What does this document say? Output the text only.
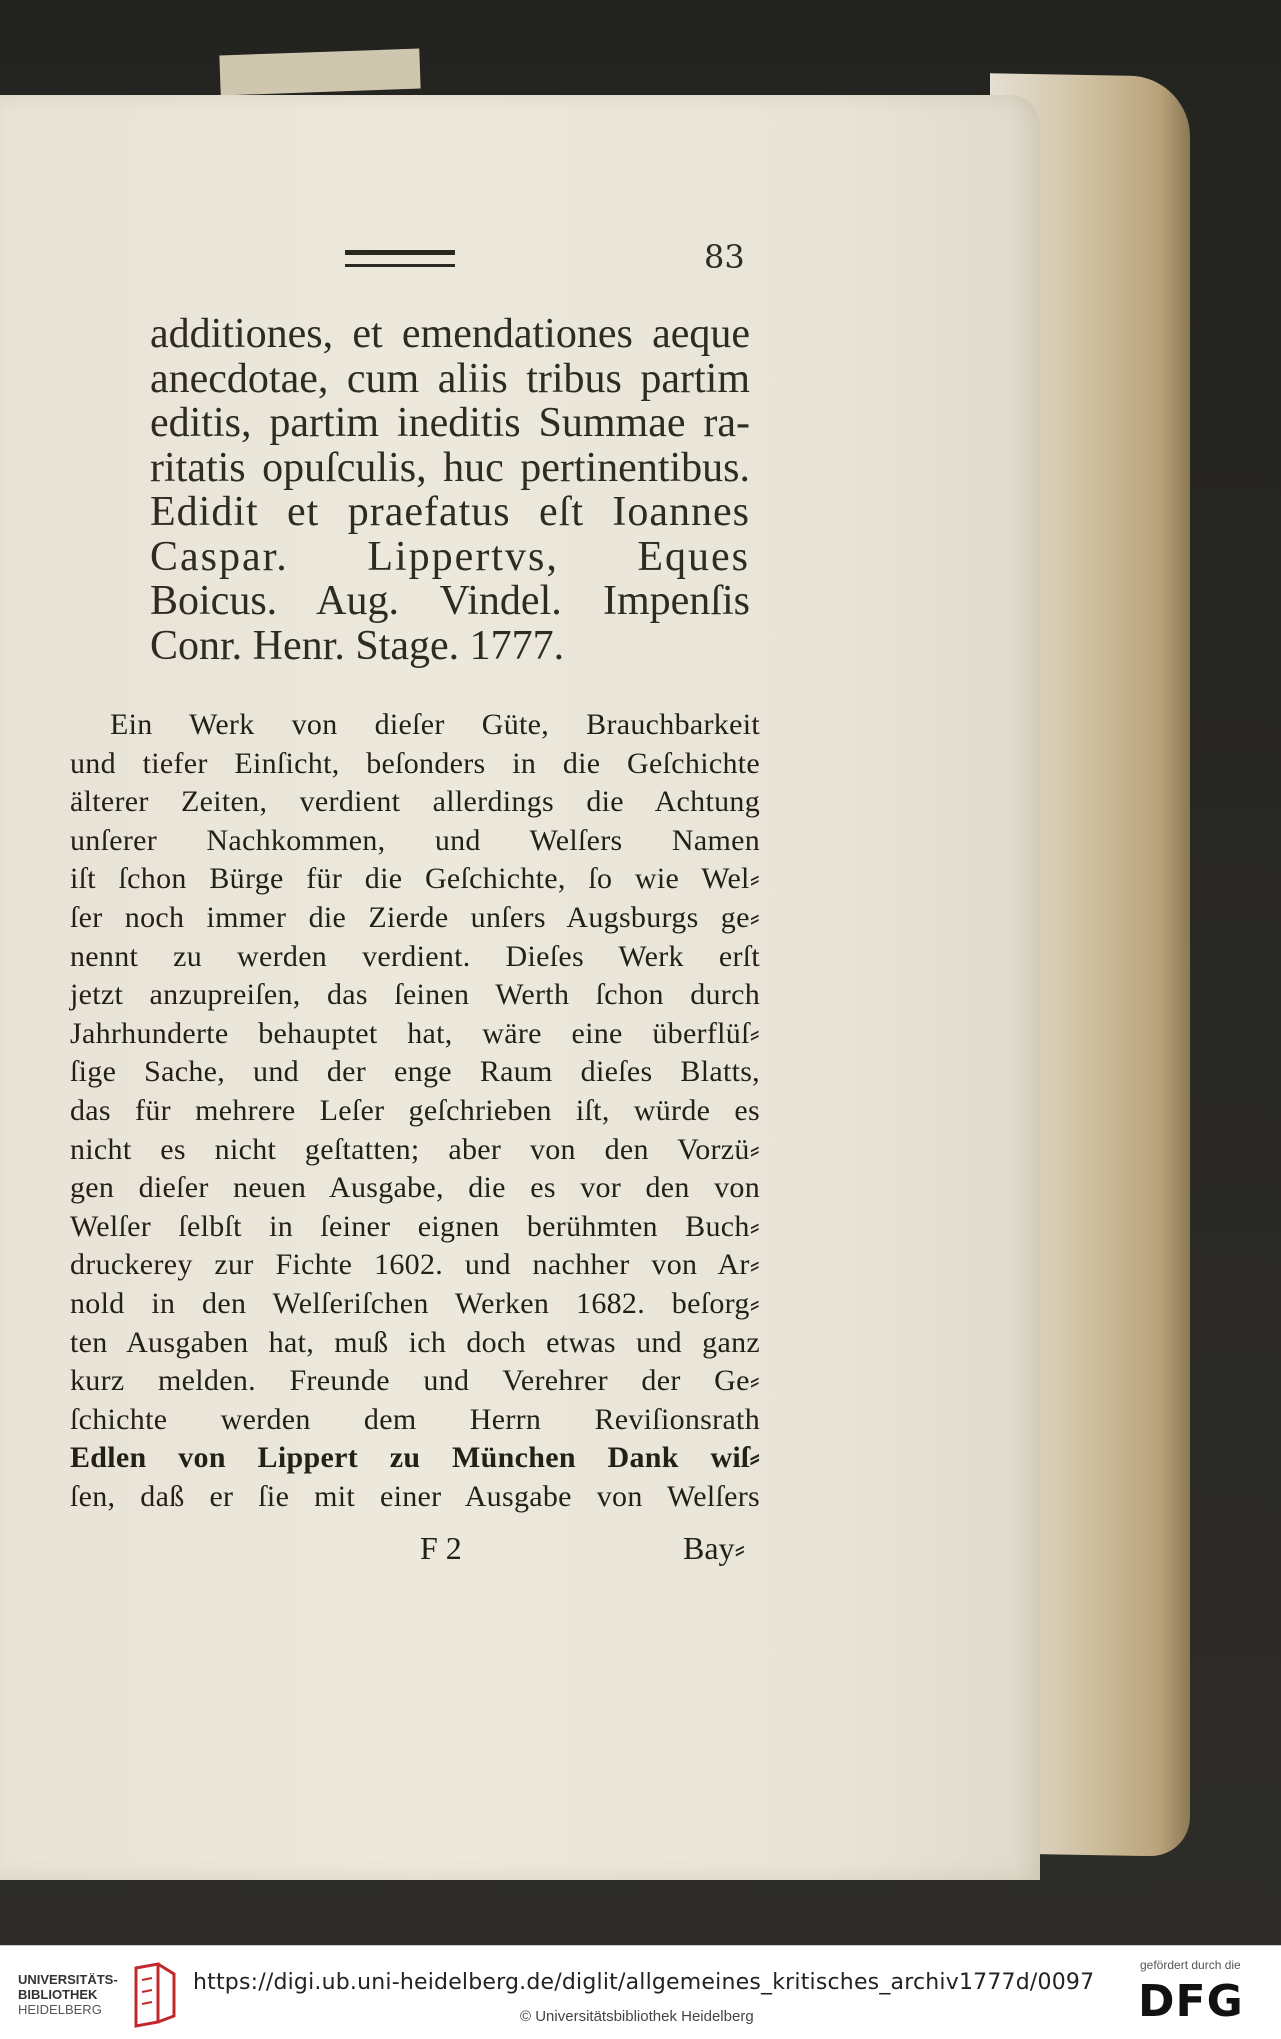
83
additiones, et emendationes aeque
anecdotae, cum aliis tribus partim
editis, partim ineditis Summae ra-
ritatis opuſculis, huc pertinentibus.
Edidit et praefatus eſt Ioannes
Caspar. Lippertvs, Eques
Boicus. Aug. Vindel. Impenſis
Conr. Henr. Stage. 1777.
Ein Werk von dieſer Güte, Brauchbarkeit
und tiefer Einſicht, beſonders in die Geſchichte
älterer Zeiten, verdient allerdings die Achtung
unſerer Nachkommen, und Welſers Namen
iſt ſchon Bürge für die Geſchichte, ſo wie Wel⸗
ſer noch immer die Zierde unſers Augsburgs ge⸗
nennt zu werden verdient. Dieſes Werk erſt
jetzt anzupreiſen, das ſeinen Werth ſchon durch
Jahrhunderte behauptet hat, wäre eine überflüſ⸗
ſige Sache, und der enge Raum dieſes Blatts,
das für mehrere Leſer geſchrieben iſt, würde es
nicht es nicht geſtatten; aber von den Vorzü⸗
gen dieſer neuen Ausgabe, die es vor den von
Welſer ſelbſt in ſeiner eignen berühmten Buch⸗
druckerey zur Fichte 1602. und nachher von Ar⸗
nold in den Welſeriſchen Werken 1682. beſorg⸗
ten Ausgaben hat, muß ich doch etwas und ganz
kurz melden. Freunde und Verehrer der Ge⸗
ſchichte werden dem Herrn Reviſionsrath
Edlen von Lippert zu München Dank wiſ⸗
ſen, daß er ſie mit einer Ausgabe von Welſers
F 2	Bay⸗
UNIVERSITÄTS-
BIBLIOTHEK
HEIDELBERG
https://digi.ub.uni-heidelberg.de/diglit/allgemeines_kritisches_archiv1777d/0097
© Universitätsbibliothek Heidelberg
gefördert durch die
DFG
